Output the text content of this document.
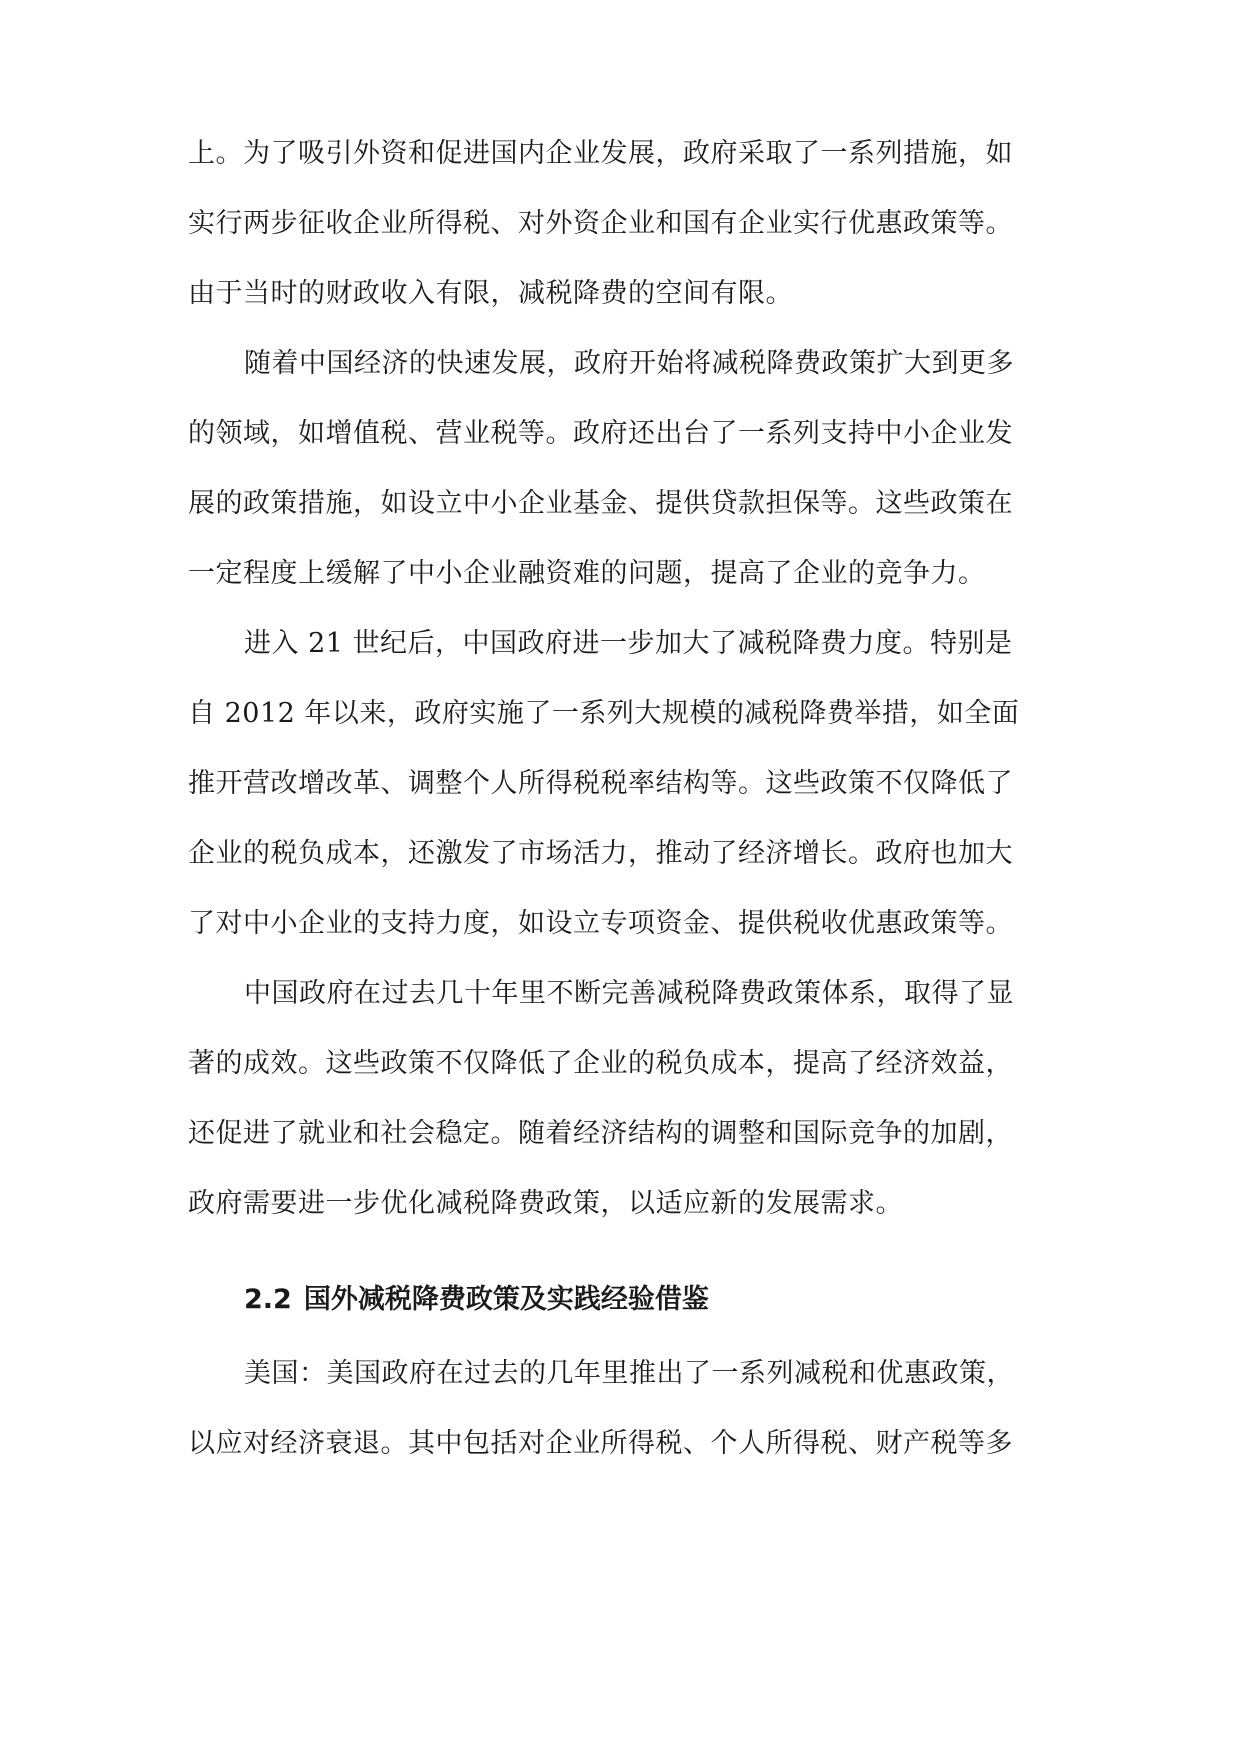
上。为了吸引外资和促进国内企业发展，政府采取了一系列措施，如
实行两步征收企业所得税、对外资企业和国有企业实行优惠政策等。
由于当时的财政收入有限，减税降费的空间有限。
随着中国经济的快速发展，政府开始将减税降费政策扩大到更多
的领域，如增值税、营业税等。政府还出台了一系列支持中小企业发
展的政策措施，如设立中小企业基金、提供贷款担保等。这些政策在
一定程度上缓解了中小企业融资难的问题，提高了企业的竞争力。
进入 21 世纪后，中国政府进一步加大了减税降费力度。特别是
自 2012 年以来，政府实施了一系列大规模的减税降费举措，如全面
推开营改增改革、调整个人所得税税率结构等。这些政策不仅降低了
企业的税负成本，还激发了市场活力，推动了经济增长。政府也加大
了对中小企业的支持力度，如设立专项资金、提供税收优惠政策等。
中国政府在过去几十年里不断完善减税降费政策体系，取得了显
著的成效。这些政策不仅降低了企业的税负成本，提高了经济效益，
还促进了就业和社会稳定。随着经济结构的调整和国际竞争的加剧，
政府需要进一步优化减税降费政策，以适应新的发展需求。
2.2 国外减税降费政策及实践经验借鉴
美国：美国政府在过去的几年里推出了一系列减税和优惠政策，
以应对经济衰退。其中包括对企业所得税、个人所得税、财产税等多
